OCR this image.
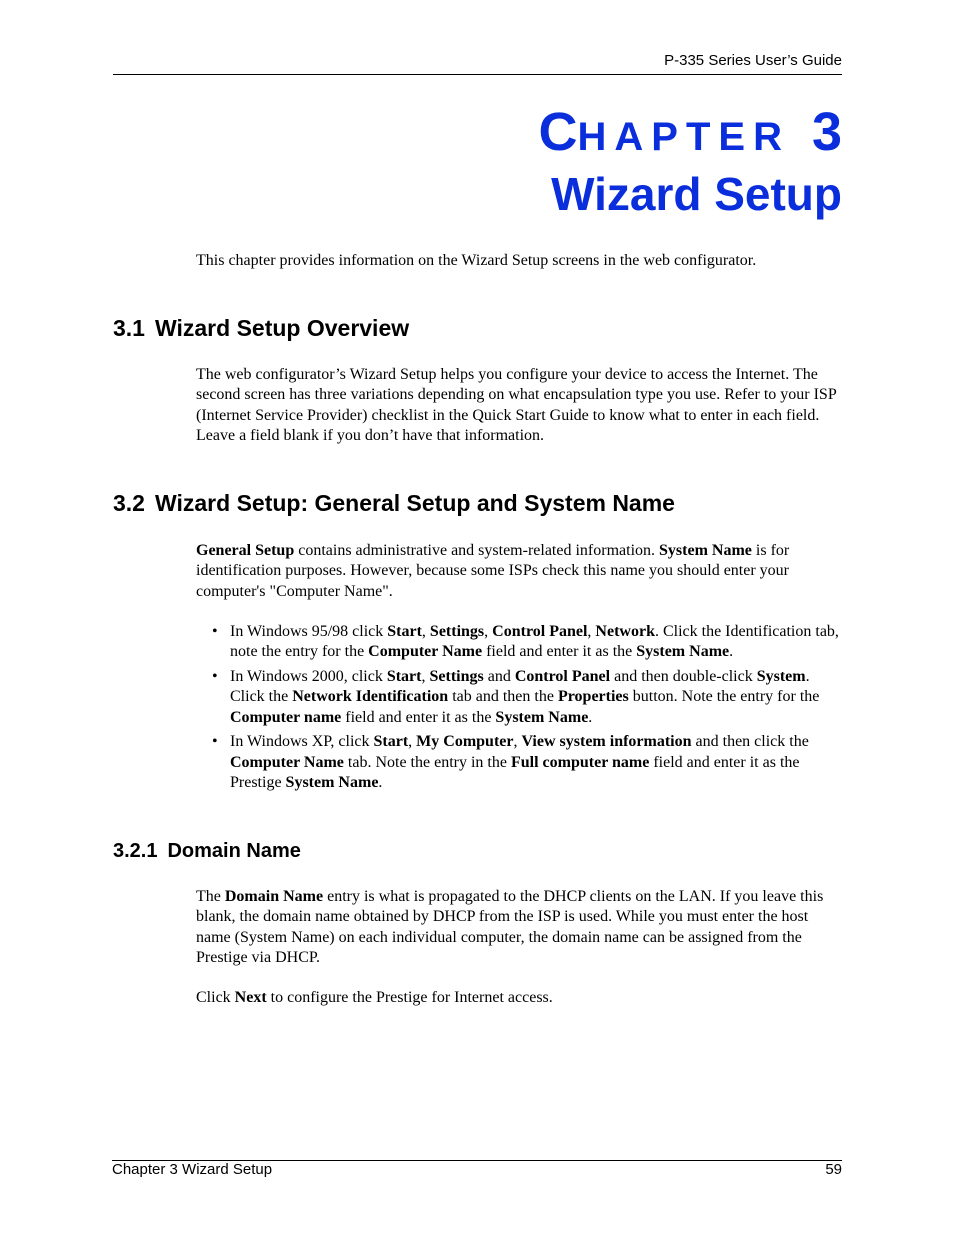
P-335 Series User’s Guide
CHAPTER 3
Wizard Setup
This chapter provides information on the Wizard Setup screens in the web configurator.
3.1 Wizard Setup Overview
The web configurator’s Wizard Setup helps you configure your device to access the Internet. The second screen has three variations depending on what encapsulation type you use. Refer to your ISP (Internet Service Provider) checklist in the Quick Start Guide to know what to enter in each field. Leave a field blank if you don’t have that information.
3.2 Wizard Setup: General Setup and System Name
General Setup contains administrative and system-related information. System Name is for identification purposes. However, because some ISPs check this name you should enter your computer's "Computer Name".
• In Windows 95/98 click Start, Settings, Control Panel, Network. Click the Identification tab, note the entry for the Computer Name field and enter it as the System Name.
• In Windows 2000, click Start, Settings and Control Panel and then double-click System. Click the Network Identification tab and then the Properties button. Note the entry for the Computer name field and enter it as the System Name.
• In Windows XP, click Start, My Computer, View system information and then click the Computer Name tab. Note the entry in the Full computer name field and enter it as the Prestige System Name.
3.2.1 Domain Name
The Domain Name entry is what is propagated to the DHCP clients on the LAN. If you leave this blank, the domain name obtained by DHCP from the ISP is used. While you must enter the host name (System Name) on each individual computer, the domain name can be assigned from the Prestige via DHCP.
Click Next to configure the Prestige for Internet access.
Chapter 3 Wizard Setup	59
